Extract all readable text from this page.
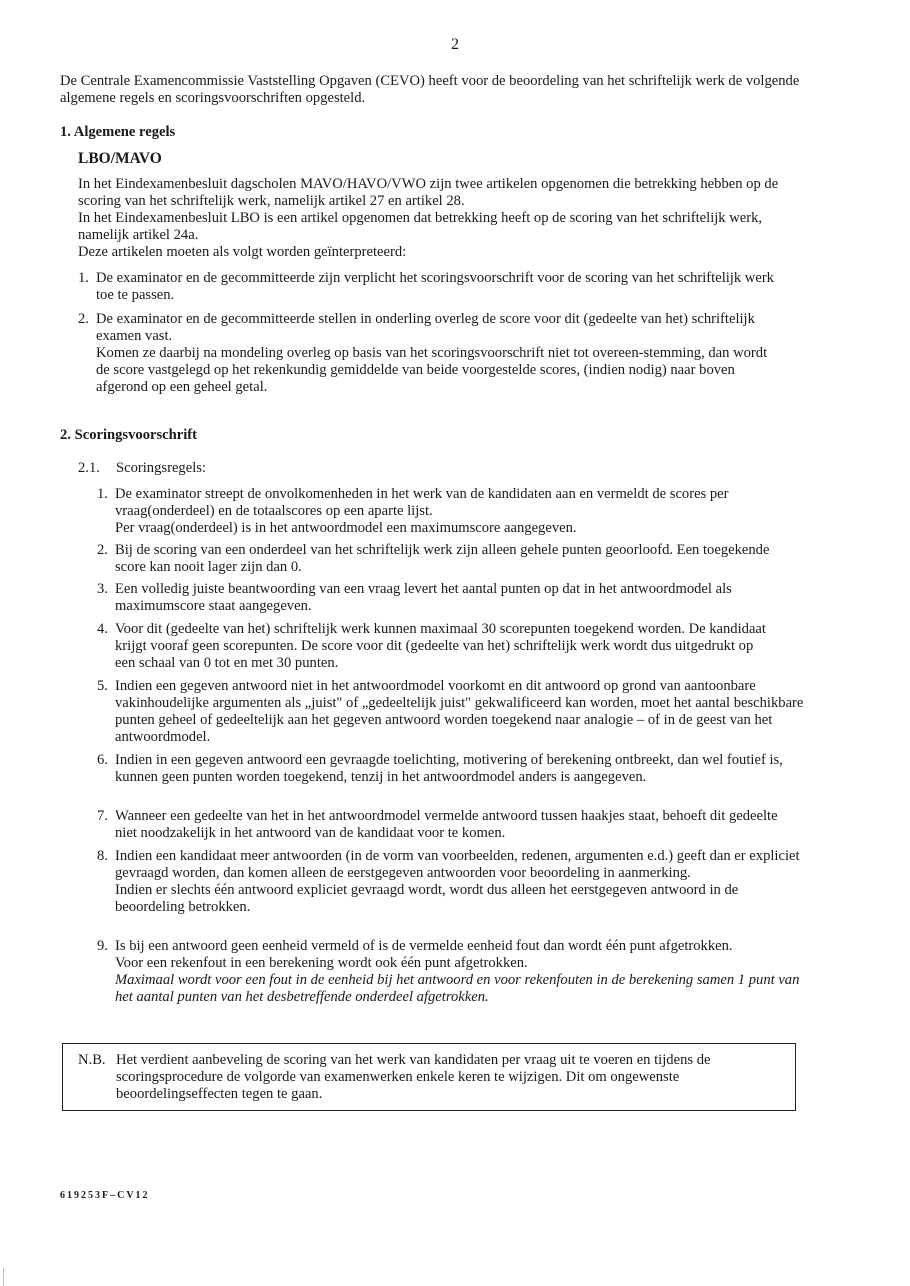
2

De Centrale Examencommissie Vaststelling Opgaven (CEVO) heeft voor de beoordeling van het schriftelijk werk de volgende algemene regels en scoringsvoorschriften opgesteld.

1. Algemene regels
LBO/MAVO

In het Eindexamenbesluit dagscholen MAVO/HAVO/VWO zijn twee artikelen opgenomen die betrekking hebben op de scoring van het schriftelijk werk, namelijk artikel 27 en artikel 28.

In het Eindexamenbesluit LBO is een artikel opgenomen dat betrekking heeft op de scoring van het schriftelijk werk, namelijk artikel 24a.

Deze artikelen moeten als volgt worden geïnterpreteerd:

1. De examinator en de gecommitteerde zijn verplicht het scoringsvoorschrift voor de scoring van het schriftelijk werk toe te passen.

2. De examinator en de gecommitteerde stellen in onderling overleg de score voor dit (gedeelte van het) schriftelijk examen vast.

Komen ze daarbij na mondeling overleg op basis van het scoringsvoorschrift niet tot overeen-stemming, dan wordt de score vastgelegd op het rekenkundig gemiddelde van beide voorgestelde scores, (indien nodig) naar boven afgerond op een geheel getal.

2. Scoringsvoorschrift
2.1. Scoringsregels:
1. De examinator streept de onvolkomenheden in het werk van de kandidaten aan en vermeldt de scores per vraag(onderdeel) en de totaalscores op een aparte lijst.

Per vraag(onderdeel) is in het antwoordmodel een maximumscore aangegeven.

2. Bij de scoring van een onderdeel van het schriftelijk werk zijn alleen gehele punten geoorloofd. Een toegekende score kan nooit lager zijn dan 0.

3. Een volledig juiste beantwoording van een vraag levert het aantal punten op dat in het antwoordmodel als maximumscore staat aangegeven.

4. Voor dit (gedeelte van het) schriftelijk werk kunnen maximaal 30 scorepunten toegekend worden. De kandidaat krijgt vooraf geen scorepunten. De score voor dit (gedeelte van het) schriftelijk werk wordt dus uitgedrukt op een schaal van 0 tot en met 30 punten.

5. Indien een gegeven antwoord niet in het antwoordmodel voorkomt en dit antwoord op grond van aantoonbare vakinhoudelijke argumenten als „juist" of „gedeeltelijk juist" gekwalificeerd kan worden, moet het aantal beschikbare punten geheel of gedeeltelijk aan het gegeven antwoord worden toegekend naar analogie – of in de geest van het antwoordmodel.

6. Indien in een gegeven antwoord een gevraagde toelichting, motivering of berekening ontbreekt, dan wel foutief is, kunnen geen punten worden toegekend, tenzij in het antwoordmodel anders is aangegeven.

7. Wanneer een gedeelte van het in het antwoordmodel vermelde antwoord tussen haakjes staat, behoeft dit gedeelte niet noodzakelijk in het antwoord van de kandidaat voor te komen.

8. Indien een kandidaat meer antwoorden (in de vorm van voorbeelden, redenen, argumenten e.d.) geeft dan er expliciet gevraagd worden, dan komen alleen de eerstgegeven antwoorden voor beoordeling in aanmerking.

Indien er slechts één antwoord expliciet gevraagd wordt, wordt dus alleen het eerstgegeven antwoord in de beoordeling betrokken.

9. Is bij een antwoord geen eenheid vermeld of is de vermelde eenheid fout dan wordt één punt afgetrokken.

Voor een rekenfout in een berekening wordt ook één punt afgetrokken.

Maximaal wordt voor een fout in de eenheid bij het antwoord en voor rekenfouten in de berekening samen 1 punt van het aantal punten van het desbetreffende onderdeel afgetrokken.

N.B. Het verdient aanbeveling de scoring van het werk van kandidaten per vraag uit te voeren en tijdens de scoringsprocedure de volgorde van examenwerken enkele keren te wijzigen. Dit om ongewenste beoordelingseffecten tegen te gaan.

619253F–CV12
